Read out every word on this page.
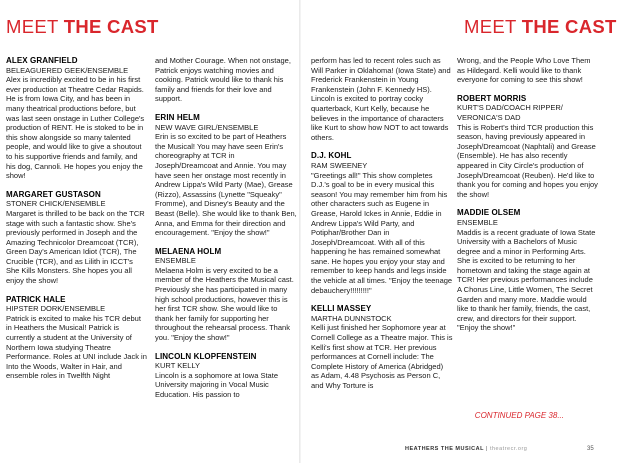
MEET THE CAST	MEET THE CAST
ALEX GRANFIELD
BELEAGUERED GEEK/ENSEMBLE

Alex is incredibly excited to be in his first ever production at Theatre Cedar Rapids. He is from Iowa City, and has been in many theatrical productions before, but was last seen onstage in Luther College's production of RENT. He is stoked to be in this show alongside so many talented people, and would like to give a shoutout to his supportive friends and family, and his dog, Cannoli. He hopes you enjoy the show!

MARGARET GUSTASON
STONER CHICK/ENSEMBLE

Margaret is thrilled to be back on the TCR stage with such a fantastic show. She's previously performed in Joseph and the Amazing Technicolor Dreamcoat (TCR), Green Day's American Idiot (TCR), The Crucible (TCR), and as Lilith in ICCT's She Kills Monsters. She hopes you all enjoy the show!

PATRICK HALE
HIPSTER DORK/ENSEMBLE

Patrick is excited to make his TCR debut in Heathers the Musical! Patrick is currently a student at the University of Northern Iowa studying Theatre Performance. Roles at UNI include Jack in Into the Woods, Walter in Hair, and ensemble roles in Twelfth Night

and Mother Courage. When not onstage, Patrick enjoys watching movies and cooking. Patrick would like to thank his family and friends for their love and support.

ERIN HELM
NEW WAVE GIRL/ENSEMBLE

Erin is so excited to be part of Heathers the Musical! You may have seen Erin's choreography at TCR in Joseph/Dreamcoat and Annie. You may have seen her onstage most recently in Andrew Lippa's Wild Party (Mae), Grease (Rizzo), Assassins (Lynette "Squeaky" Fromme), and Disney's Beauty and the Beast (Belle). She would like to thank Ben, Anna, and Emma for their direction and encouragement. "Enjoy the show!"

MELAENA HOLM
ENSEMBLE

Melaena Holm is very excited to be a member of the Heathers the Musical cast. Previously she has participated in many high school productions, however this is her first TCR show. She would like to thank her family for supporting her throughout the rehearsal process. Thank you. "Enjoy the show!"

LINCOLN KLOPFENSTEIN
KURT KELLY

Lincoln is a sophomore at Iowa State University majoring in Vocal Music Education. His passion to

perform has led to recent roles such as Will Parker in Oklahoma! (Iowa State) and Frederick Frankenstein in Young Frankenstein (John F. Kennedy HS). Lincoln is excited to portray cocky quarterback, Kurt Kelly, because he believes in the importance of characters like Kurt to show how NOT to act towards others.

D.J. KOHL
RAM SWEENEY

"Greetings all!" This show completes D.J.'s goal to be in every musical this season! You may remember him from his other characters such as Eugene in Grease, Harold Ickes in Annie, Eddie in Andrew Lippa's Wild Party, and Potiphar/Brother Dan in Joseph/Dreamcoat. With all of this happening he has remained somewhat sane. He hopes you enjoy your stay and remember to keep hands and legs inside the vehicle at all times. "Enjoy the teenage debauchery!!!!!!!!!"

KELLI MASSEY
MARTHA DUNNSTOCK

Kelli just finished her Sophomore year at Cornell College as a Theatre major. This is Kelli's first show at TCR. Her previous performances at Cornell include: The Complete History of America (Abridged) as Adam, 4.48 Psychosis as Person C, and Why Torture is

Wrong, and the People Who Love Them as Hildegard. Kelli would like to thank everyone for coming to see this show!

ROBERT MORRIS
KURT'S DAD/COACH RIPPER/ VERONICA'S DAD

This is Robert's third TCR production this season, having previously appeared in Joseph/Dreamcoat (Naphtali) and Grease (Ensemble). He has also recently appeared in City Circle's production of Joseph/Dreamcoat (Reuben). He'd like to thank you for coming and hopes you enjoy the show!

MADDIE OLSEM
ENSEMBLE

Maddis is a recent graduate of Iowa State University with a Bachelors of Music degree and a minor in Performing Arts. She is excited to be returning to her hometown and taking the stage again at TCR! Her previous performances include A Chorus Line, Little Women, The Secret Garden and many more. Maddie would like to thank her family, friends, the cast, crew, and directors for their support. "Enjoy the show!"

CONTINUED PAGE 38...
HEATHERS THE MUSICAL | theatrecr.org	35
